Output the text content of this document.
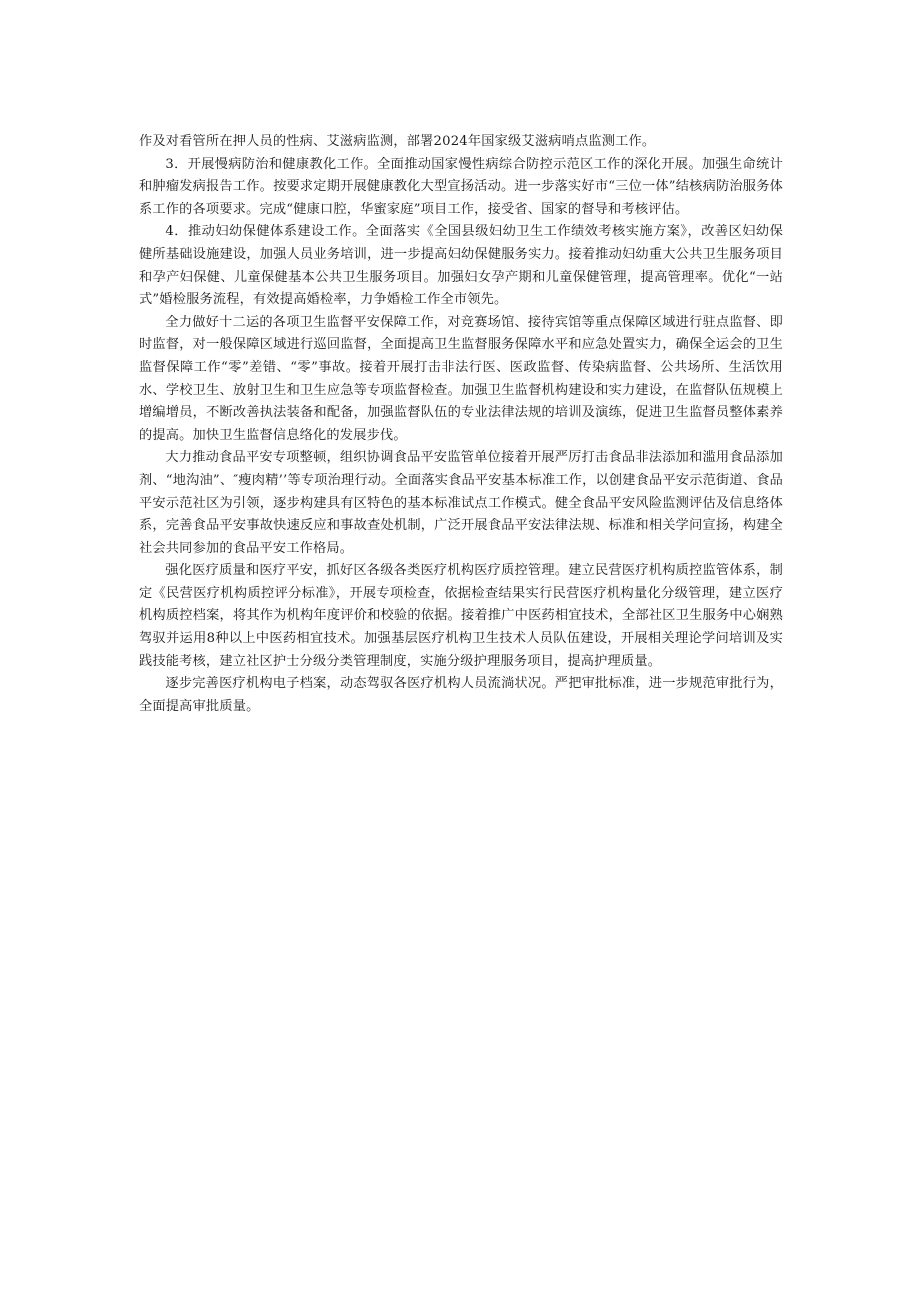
作及对看管所在押人员的性病、艾滋病监测，部署2024年国家级艾滋病哨点监测工作。

3．开展慢病防治和健康教化工作。全面推动国家慢性病综合防控示范区工作的深化开展。加强生命统计和肿瘤发病报告工作。按要求定期开展健康教化大型宣扬活动。进一步落实好市“三位一体”结核病防治服务体系工作的各项要求。完成“健康口腔，华蜜家庭”项目工作，接受省、国家的督导和考核评估。

4．推动妇幼保健体系建设工作。全面落实《全国县级妇幼卫生工作绩效考核实施方案》，改善区妇幼保健所基础设施建设，加强人员业务培训，进一步提高妇幼保健服务实力。接着推动妇幼重大公共卫生服务项目和孕产妇保健、儿童保健基本公共卫生服务项目。加强妇女孕产期和儿童保健管理，提高管理率。优化“一站式”婚检服务流程，有效提高婚检率，力争婚检工作全市领先。

全力做好十二运的各项卫生监督平安保障工作，对竞赛场馆、接待宾馆等重点保障区域进行驻点监督、即时监督，对一般保障区域进行巡回监督，全面提高卫生监督服务保障水平和应急处置实力，确保全运会的卫生监督保障工作“零”差错、“零”事故。接着开展打击非法行医、医政监督、传染病监督、公共场所、生活饮用水、学校卫生、放射卫生和卫生应急等专项监督检查。加强卫生监督机构建设和实力建设，在监督队伍规模上增编增员，不断改善执法装备和配备，加强监督队伍的专业法律法规的培训及演练，促进卫生监督员整体素养的提高。加快卫生监督信息络化的发展步伐。

大力推动食品平安专项整顿，组织协调食品平安监管单位接着开展严厉打击食品非法添加和滥用食品添加剂、“地沟油”、″瘦肉精’’等专项治理行动。全面落实食品平安基本标准工作，以创建食品平安示范街道、食品平安示范社区为引领，逐步构建具有区特色的基本标准试点工作模式。健全食品平安风险监测评估及信息络体系，完善食品平安事故快速反应和事故查处机制，广泛开展食品平安法律法规、标准和相关学问宣扬，构建全社会共同参加的食品平安工作格局。

强化医疗质量和医疗平安，抓好区各级各类医疗机构医疗质控管理。建立民营医疗机构质控监管体系，制定《民营医疗机构质控评分标准》，开展专项检查，依据检查结果实行民营医疗机构量化分级管理，建立医疗机构质控档案，将其作为机构年度评价和校验的依据。接着推广中医药相宜技术，全部社区卫生服务中心娴熟驾驭并运用8种以上中医药相宜技术。加强基层医疗机构卫生技术人员队伍建设，开展相关理论学问培训及实践技能考核，建立社区护士分级分类管理制度，实施分级护理服务项目，提高护理质量。

逐步完善医疗机构电子档案，动态驾驭各医疗机构人员流淌状况。严把审批标准，进一步规范审批行为，全面提高审批质量。
